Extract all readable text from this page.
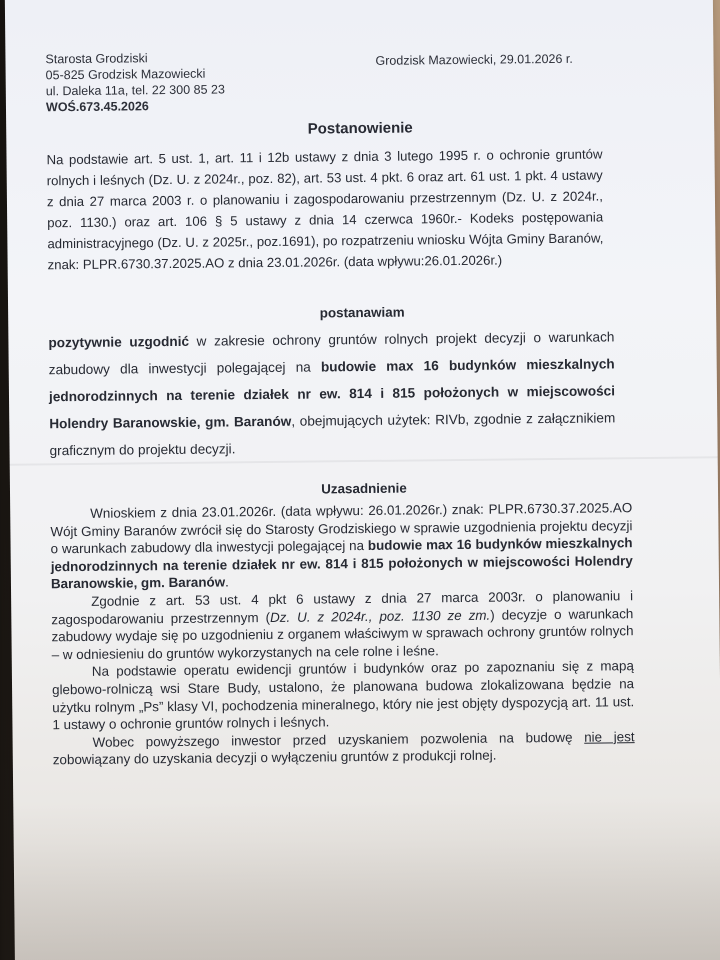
Starosta Grodziski
05-825 Grodzisk Mazowiecki
ul. Daleka 11a, tel. 22 300 85 23
WOŚ.673.45.2026
Grodzisk Mazowiecki, 29.01.2026 r.
Postanowienie
Na podstawie art. 5 ust. 1, art. 11 i 12b ustawy z dnia 3 lutego 1995 r. o ochronie gruntów rolnych i leśnych (Dz. U. z 2024r., poz. 82), art. 53 ust. 4 pkt. 6 oraz art. 61 ust. 1 pkt. 4 ustawy z dnia 27 marca 2003 r. o planowaniu i zagospodarowaniu przestrzennym (Dz. U. z 2024r., poz. 1130.) oraz art. 106 § 5 ustawy z dnia 14 czerwca 1960r.- Kodeks postępowania administracyjnego (Dz. U. z 2025r., poz.1691), po rozpatrzeniu wniosku Wójta Gminy Baranów, znak: PLPR.6730.37.2025.AO z dnia 23.01.2026r. (data wpływu:26.01.2026r.)
postanawiam
pozytywnie uzgodnić w zakresie ochrony gruntów rolnych projekt decyzji o warunkach zabudowy dla inwestycji polegającej na budowie max 16 budynków mieszkalnych jednorodzinnych na terenie działek nr ew. 814 i 815 położonych w miejscowości Holendry Baranowskie, gm. Baranów, obejmujących użytek: RIVb, zgodnie z załącznikiem graficznym do projektu decyzji.
Uzasadnienie
Wnioskiem z dnia 23.01.2026r. (data wpływu: 26.01.2026r.) znak: PLPR.6730.37.2025.AO Wójt Gminy Baranów zwrócił się do Starosty Grodziskiego w sprawie uzgodnienia projektu decyzji o warunkach zabudowy dla inwestycji polegającej na budowie max 16 budynków mieszkalnych jednorodzinnych na terenie działek nr ew. 814 i 815 położonych w miejscowości Holendry Baranowskie, gm. Baranów.
Zgodnie z art. 53 ust. 4 pkt 6 ustawy z dnia 27 marca 2003r. o planowaniu i zagospodarowaniu przestrzennym (Dz. U. z 2024r., poz. 1130 ze zm.) decyzje o warunkach zabudowy wydaje się po uzgodnieniu z organem właściwym w sprawach ochrony gruntów rolnych – w odniesieniu do gruntów wykorzystanych na cele rolne i leśne.
Na podstawie operatu ewidencji gruntów i budynków oraz po zapoznaniu się z mapą glebowo-rolniczą wsi Stare Budy, ustalono, że planowana budowa zlokalizowana będzie na użytku rolnym „Ps” klasy VI, pochodzenia mineralnego, który nie jest objęty dyspozycją art. 11 ust. 1 ustawy o ochronie gruntów rolnych i leśnych.
Wobec powyższego inwestor przed uzyskaniem pozwolenia na budowę nie jest zobowiązany do uzyskania decyzji o wyłączeniu gruntów z produkcji rolnej.
